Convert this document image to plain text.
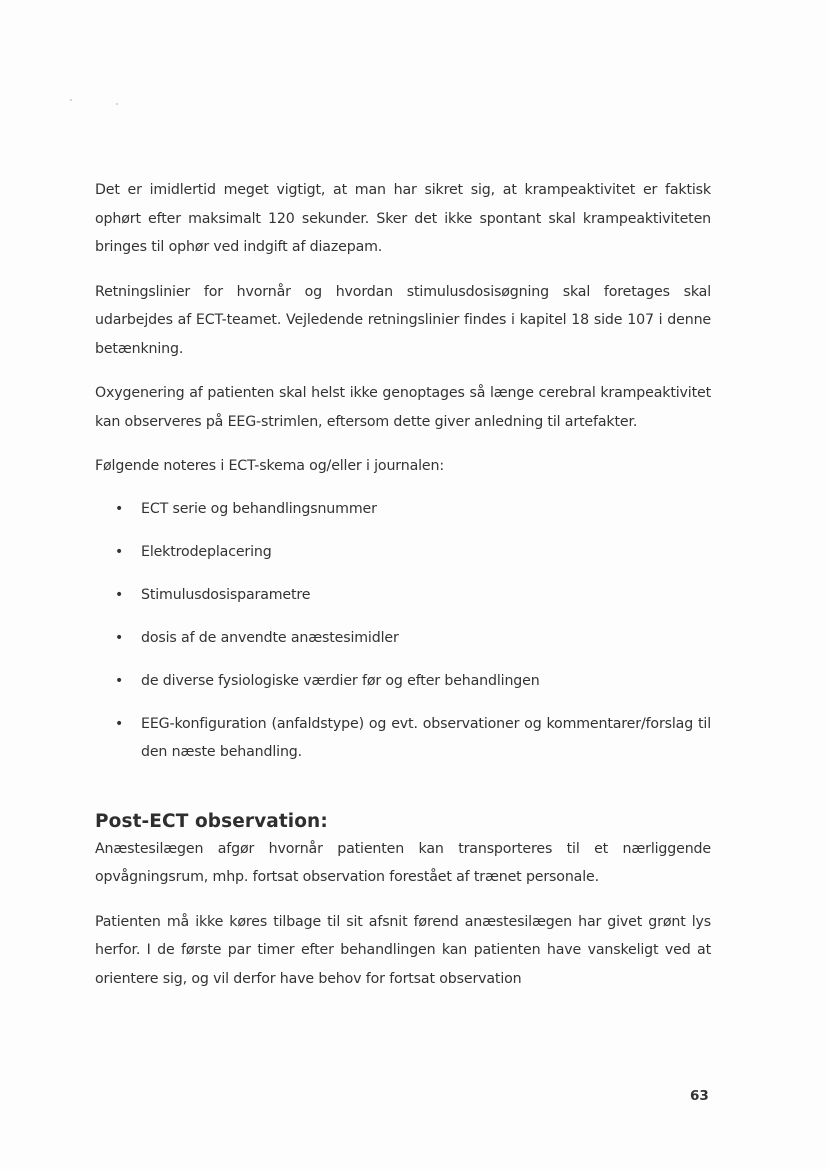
Det er imidlertid meget vigtigt, at man har sikret sig, at krampeaktivitet er faktisk ophørt efter maksimalt 120 sekunder. Sker det ikke spontant skal krampeaktiviteten bringes til ophør ved indgift af diazepam.

Retningslinier for hvornår og hvordan stimulusdosisøgning skal foretages skal udarbejdes af ECT-teamet. Vejledende retningslinier findes i kapitel 18 side 107 i denne betænkning.

Oxygenering af patienten skal helst ikke genoptages så længe cerebral krampeaktivitet kan observeres på EEG-strimlen, eftersom dette giver anledning til artefakter.

Følgende noteres i ECT-skema og/eller i journalen:

• ECT serie og behandlingsnummer
• Elektrodeplacering
• Stimulusdosisparametre
• dosis af de anvendte anæstesimidler
• de diverse fysiologiske værdier før og efter behandlingen
• EEG-konfiguration (anfaldstype) og evt. observationer og kommentarer/forslag til den næste behandling.
Post-ECT observation:

Anæstesilægen afgør hvornår patienten kan transporteres til et nærliggende opvågningsrum, mhp. fortsat observation forestået af trænet personale.

Patienten må ikke køres tilbage til sit afsnit førend anæstesilægen har givet grønt lys herfor. I de første par timer efter behandlingen kan patienten have vanskeligt ved at orientere sig, og vil derfor have behov for fortsat observation

63
